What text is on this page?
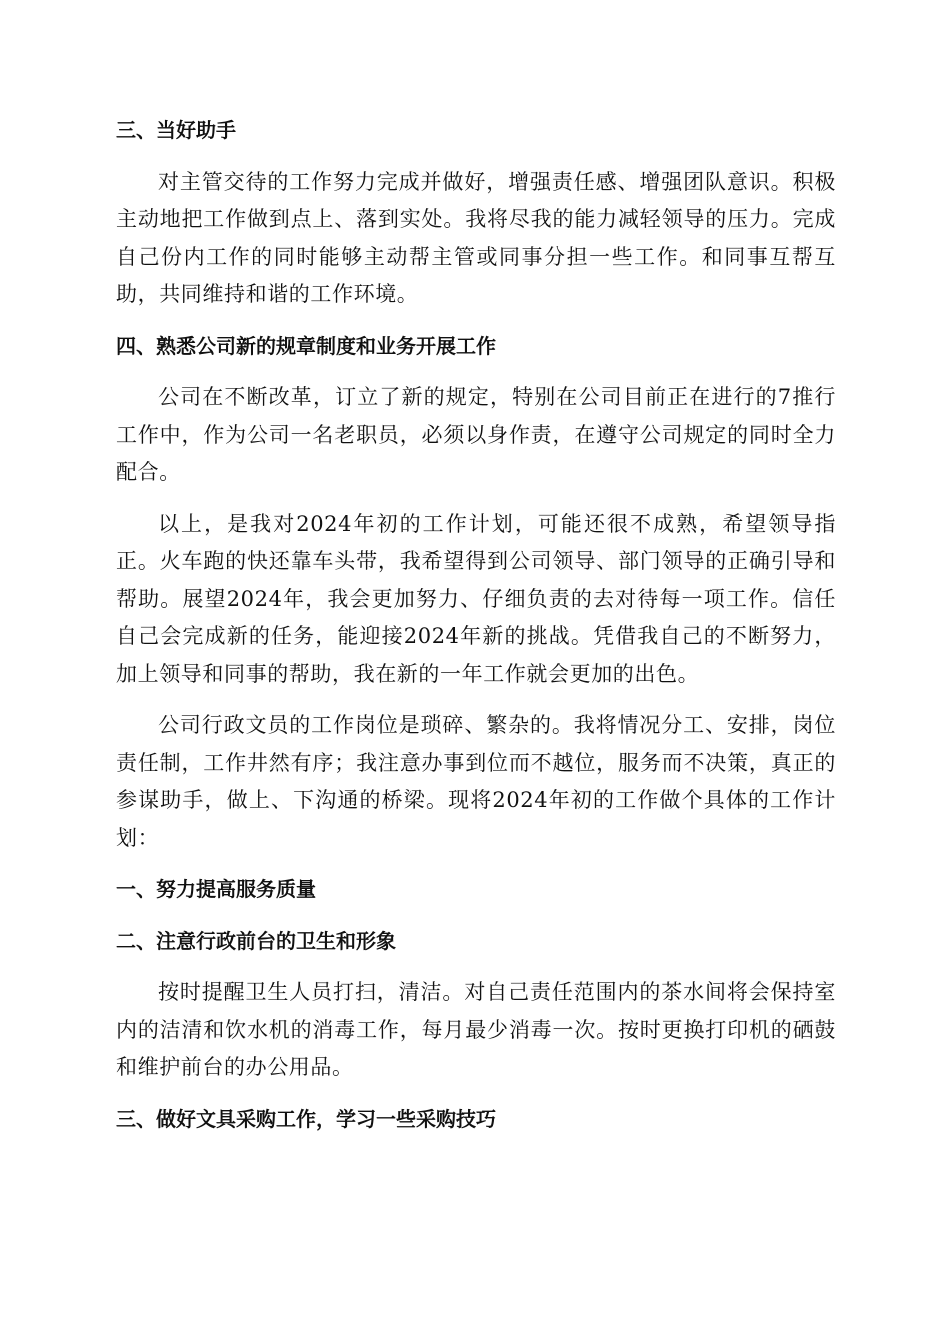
三、当好助手

对主管交待的工作努力完成并做好，增强责任感、增强团队意识。积极主动地把工作做到点上、落到实处。我将尽我的能力减轻领导的压力。完成自己份内工作的同时能够主动帮主管或同事分担一些工作。和同事互帮互助，共同维持和谐的工作环境。

四、熟悉公司新的规章制度和业务开展工作

公司在不断改革，订立了新的规定，特别在公司目前正在进行的7推行工作中，作为公司一名老职员，必须以身作责，在遵守公司规定的同时全力配合。

以上，是我对2024年初的工作计划，可能还很不成熟，希望领导指正。火车跑的快还靠车头带，我希望得到公司领导、部门领导的正确引导和帮助。展望2024年，我会更加努力、仔细负责的去对待每一项工作。信任自己会完成新的任务，能迎接2024年新的挑战。凭借我自己的不断努力，加上领导和同事的帮助，我在新的一年工作就会更加的出色。

公司行政文员的工作岗位是琐碎、繁杂的。我将情况分工、安排，岗位责任制，工作井然有序；我注意办事到位而不越位，服务而不决策，真正的参谋助手，做上、下沟通的桥梁。现将2024年初的工作做个具体的工作计划：

一、努力提高服务质量
二、注意行政前台的卫生和形象

按时提醒卫生人员打扫，清洁。对自己责任范围内的茶水间将会保持室内的洁清和饮水机的消毒工作，每月最少消毒一次。按时更换打印机的硒鼓和维护前台的办公用品。

三、做好文具采购工作，学习一些采购技巧
